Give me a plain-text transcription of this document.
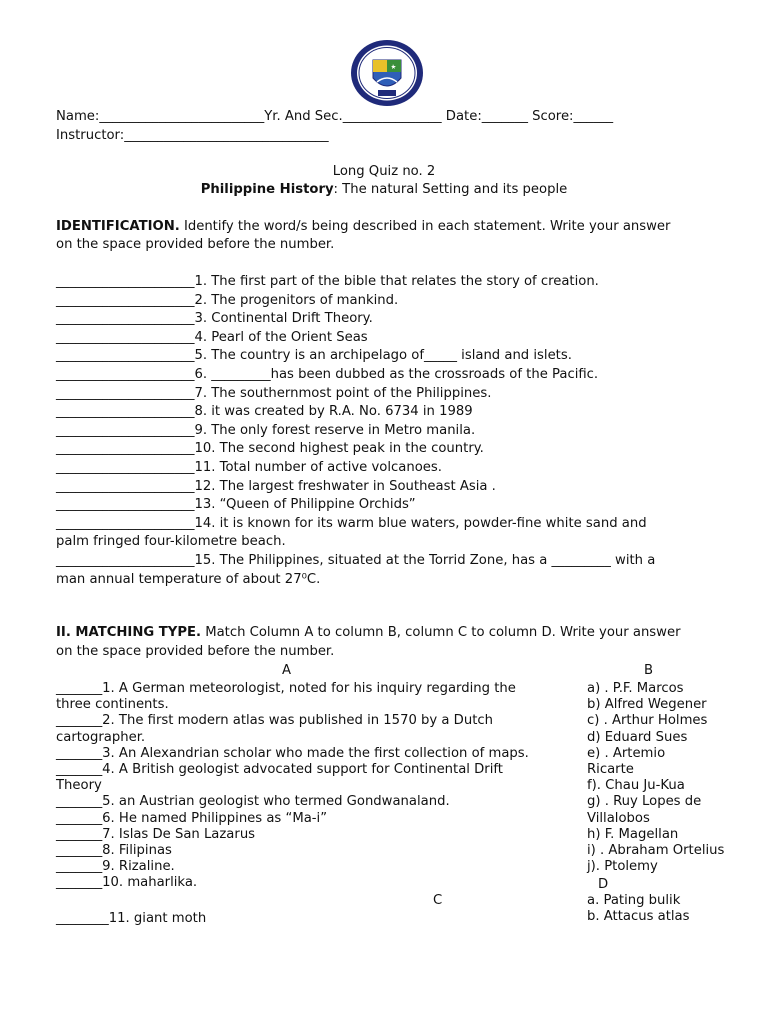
Name:_________________________Yr. And Sec._______________ Date:_______ Score:______
Instructor:_______________________________
Long Quiz no. 2
Philippine History: The natural Setting and its people
IDENTIFICATION. Identify the word/s being described in each statement. Write your answer
on the space provided before the number.
_____________________1. The first part of the bible that relates the story of creation.
_____________________2. The progenitors of mankind.
_____________________3. Continental Drift Theory.
_____________________4. Pearl of the Orient Seas
_____________________5. The country is an archipelago of_____ island and islets.
_____________________6. _________has been dubbed as the crossroads of the Pacific.
_____________________7. The southernmost point of the Philippines.
_____________________8. it was created by R.A. No. 6734 in 1989
_____________________9. The only forest reserve in Metro manila.
_____________________10. The second highest peak in the country.
_____________________11. Total number of active volcanoes.
_____________________12. The largest freshwater in Southeast Asia .
_____________________13. “Queen of Philippine Orchids”
_____________________14. it is known for its warm blue waters, powder-fine white sand and
palm fringed four-kilometre beach.
_____________________15. The Philippines, situated at the Torrid Zone, has a _________ with a
man annual temperature of about 27⁰C.
II. MATCHING TYPE. Match Column A to column B, column C to column D. Write your answer
on the space provided before the number.
A	B
_______1. A German meteorologist, noted for his inquiry regarding the
three continents.
_______2. The first modern atlas was published in 1570 by a Dutch
cartographer.
_______3. An Alexandrian scholar who made the first collection of maps.
_______4. A British geologist advocated support for Continental Drift
Theory
_______5. an Austrian geologist who termed Gondwanaland.
_______6. He named Philippines as “Ma-i”
_______7. Islas De San Lazarus
_______8. Filipinas
_______9. Rizaline.
_______10. maharlika.
a) . P.F. Marcos
b) Alfred Wegener
c) . Arthur Holmes
d) Eduard Sues
e) . Artemio
Ricarte
f). Chau Ju-Kua
g) . Ruy Lopes de
Villalobos
h) F. Magellan
i) . Abraham Ortelius
j). Ptolemy
C
D
________11. giant moth
a. Pating bulik
b. Attacus atlas
